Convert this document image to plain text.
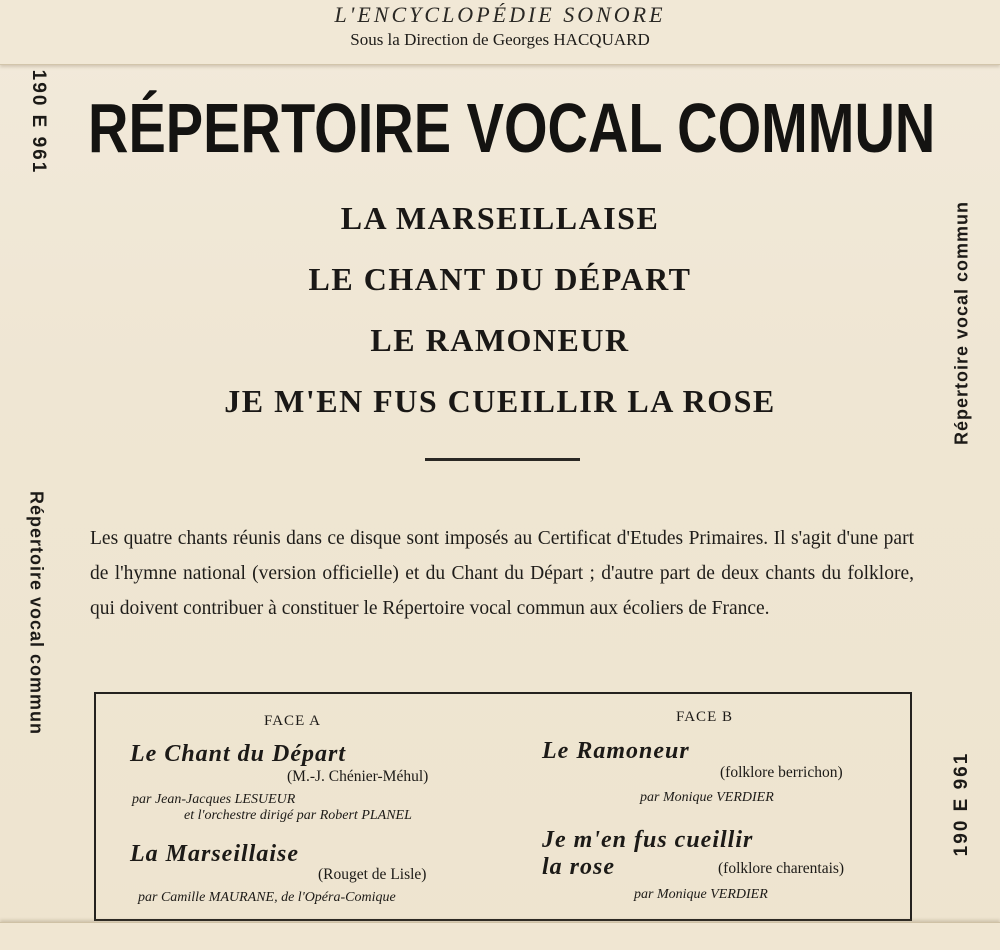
L'ENCYCLOPÉDIE SONORE
Sous la Direction de Georges HACQUARD
190 E 961
Répertoire vocal commun
Répertoire vocal commun
190 E 961
RÉPERTOIRE VOCAL COMMUN
LA MARSEILLAISE
LE CHANT DU DÉPART
LE RAMONEUR
JE M'EN FUS CUEILLIR LA ROSE
Les quatre chants réunis dans ce disque sont imposés au Certificat d'Etudes Primaires. Il s'agit d'une part de l'hymne national (version officielle) et du Chant du Départ ; d'autre part de deux chants du folklore, qui doivent contribuer à constituer le Répertoire vocal commun aux écoliers de France.
FACE A	FACE B
Le Chant du Départ
(M.-J. Chénier-Méhul)
par Jean-Jacques LESUEUR
et l'orchestre dirigé par Robert PLANEL
La Marseillaise
(Rouget de Lisle)
par Camille MAURANE, de l'Opéra-Comique
Le Ramoneur
(folklore berrichon)
par Monique VERDIER
Je m'en fus cueillir
la rose	(folklore charentais)
par Monique VERDIER
